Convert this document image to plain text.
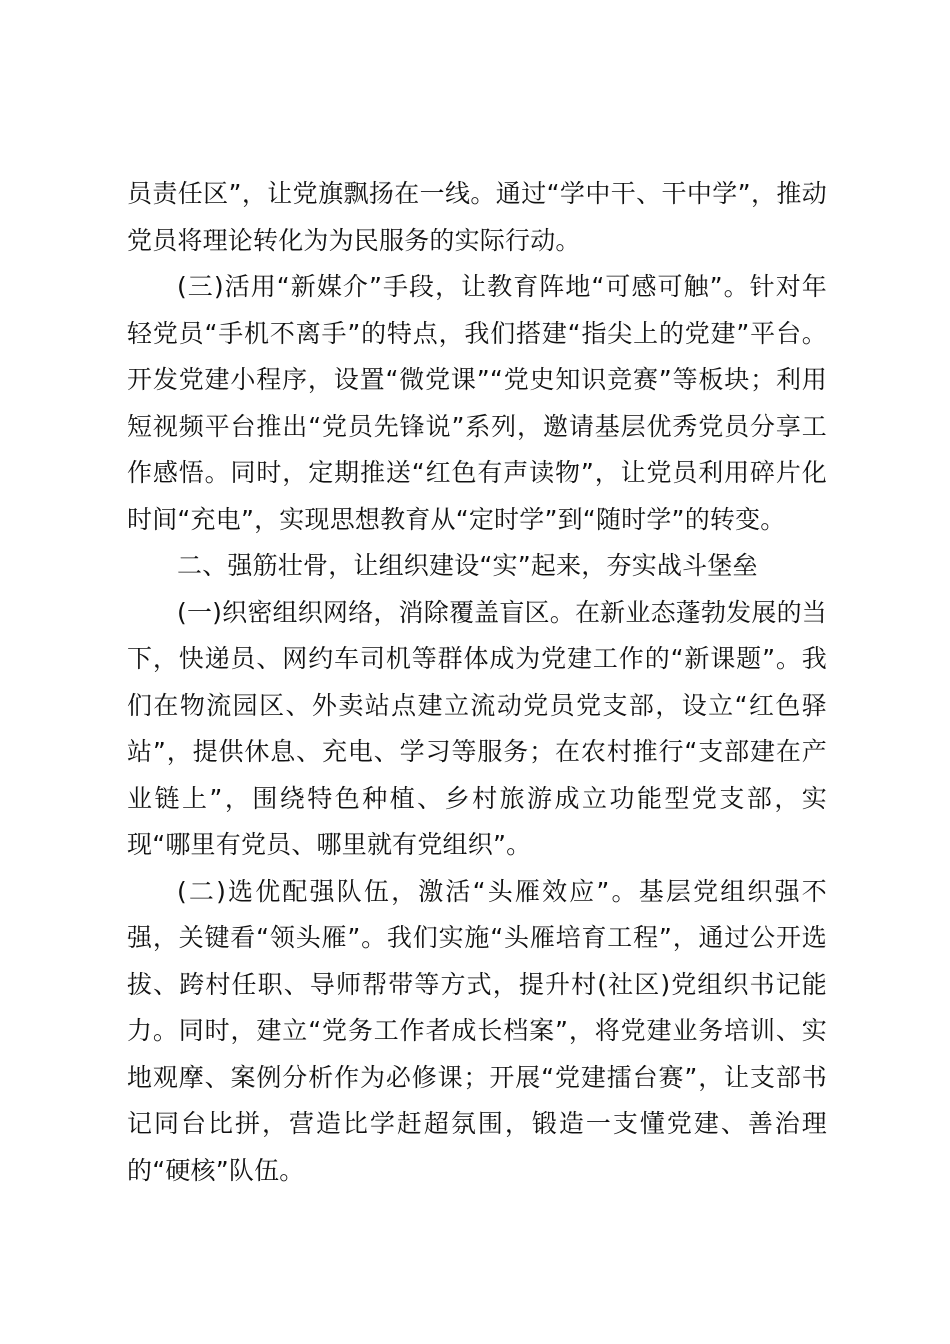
员责任区”，让党旗飘扬在一线。通过“学中干、干中学”，推动党员将理论转化为为民服务的实际行动。

(三)活用“新媒介”手段，让教育阵地“可感可触”。针对年轻党员“手机不离手”的特点，我们搭建“指尖上的党建”平台。开发党建小程序，设置“微党课”“党史知识竞赛”等板块；利用短视频平台推出“党员先锋说”系列，邀请基层优秀党员分享工作感悟。同时，定期推送“红色有声读物”，让党员利用碎片化时间“充电”，实现思想教育从“定时学”到“随时学”的转变。

二、强筋壮骨，让组织建设“实”起来，夯实战斗堡垒

(一)织密组织网络，消除覆盖盲区。在新业态蓬勃发展的当下，快递员、网约车司机等群体成为党建工作的“新课题”。我们在物流园区、外卖站点建立流动党员党支部，设立“红色驿站”，提供休息、充电、学习等服务；在农村推行“支部建在产业链上”，围绕特色种植、乡村旅游成立功能型党支部，实现“哪里有党员、哪里就有党组织”。

(二)选优配强队伍，激活“头雁效应”。基层党组织强不强，关键看“领头雁”。我们实施“头雁培育工程”，通过公开选拔、跨村任职、导师帮带等方式，提升村(社区)党组织书记能力。同时，建立“党务工作者成长档案”，将党建业务培训、实地观摩、案例分析作为必修课；开展“党建擂台赛”，让支部书记同台比拼，营造比学赶超氛围，锻造一支懂党建、善治理的“硬核”队伍。
